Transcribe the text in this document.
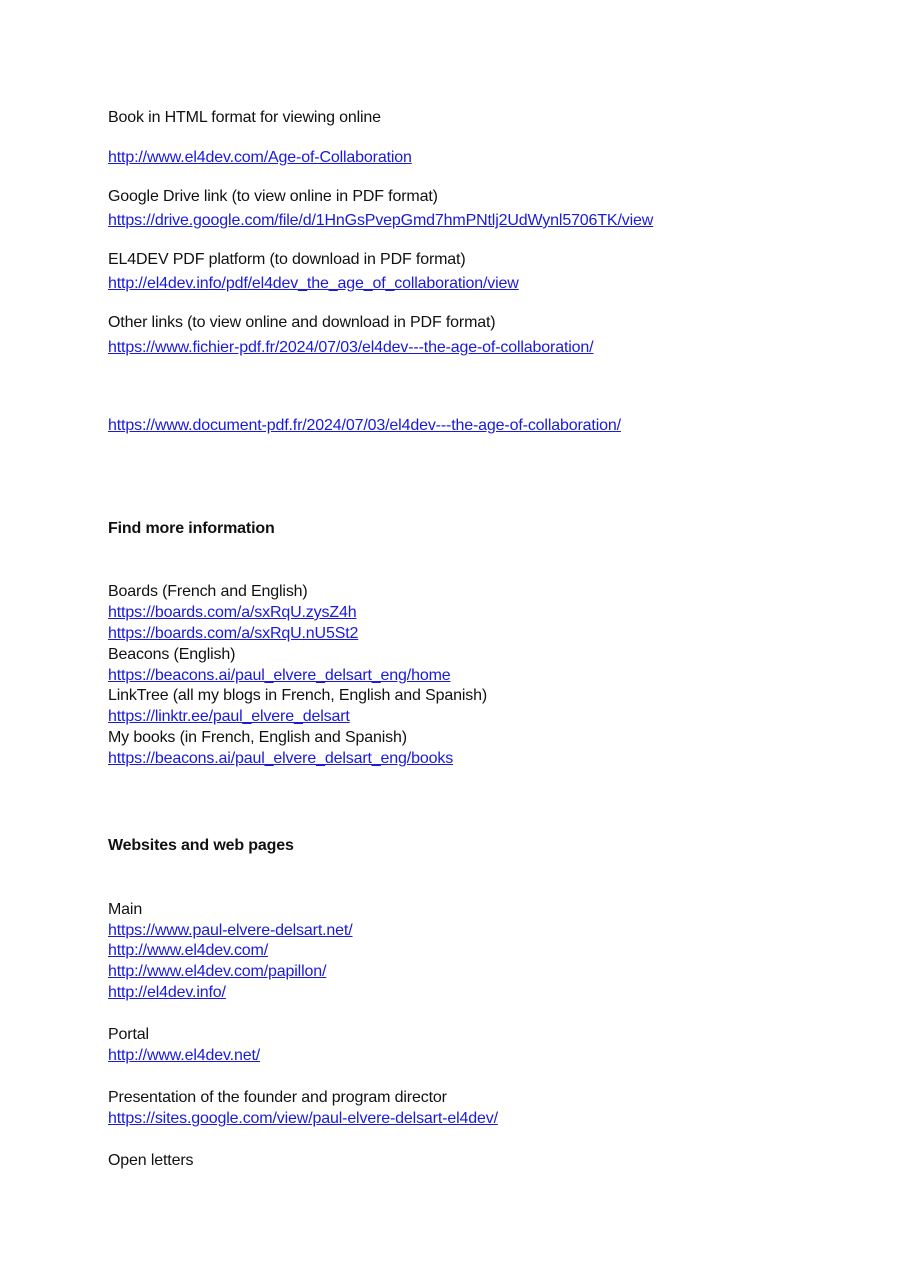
Book in HTML format for viewing online
http://www.el4dev.com/Age-of-Collaboration
Google Drive link (to view online in PDF format)
https://drive.google.com/file/d/1HnGsPvepGmd7hmPNtlj2UdWynl5706TK/view
EL4DEV PDF platform (to download in PDF format)
http://el4dev.info/pdf/el4dev_the_age_of_collaboration/view
Other links (to view online and download in PDF format)
https://www.fichier-pdf.fr/2024/07/03/el4dev---the-age-of-collaboration/
https://www.document-pdf.fr/2024/07/03/el4dev---the-age-of-collaboration/
Find more information
Boards (French and English)
https://boards.com/a/sxRqU.zysZ4h
https://boards.com/a/sxRqU.nU5St2
Beacons (English)
https://beacons.ai/paul_elvere_delsart_eng/home
LinkTree (all my blogs in French, English and Spanish)
https://linktr.ee/paul_elvere_delsart
My books (in French, English and Spanish)
https://beacons.ai/paul_elvere_delsart_eng/books
Websites and web pages
Main
https://www.paul-elvere-delsart.net/
http://www.el4dev.com/
http://www.el4dev.com/papillon/
http://el4dev.info/
Portal
http://www.el4dev.net/
Presentation of the founder and program director
https://sites.google.com/view/paul-elvere-delsart-el4dev/
Open letters
